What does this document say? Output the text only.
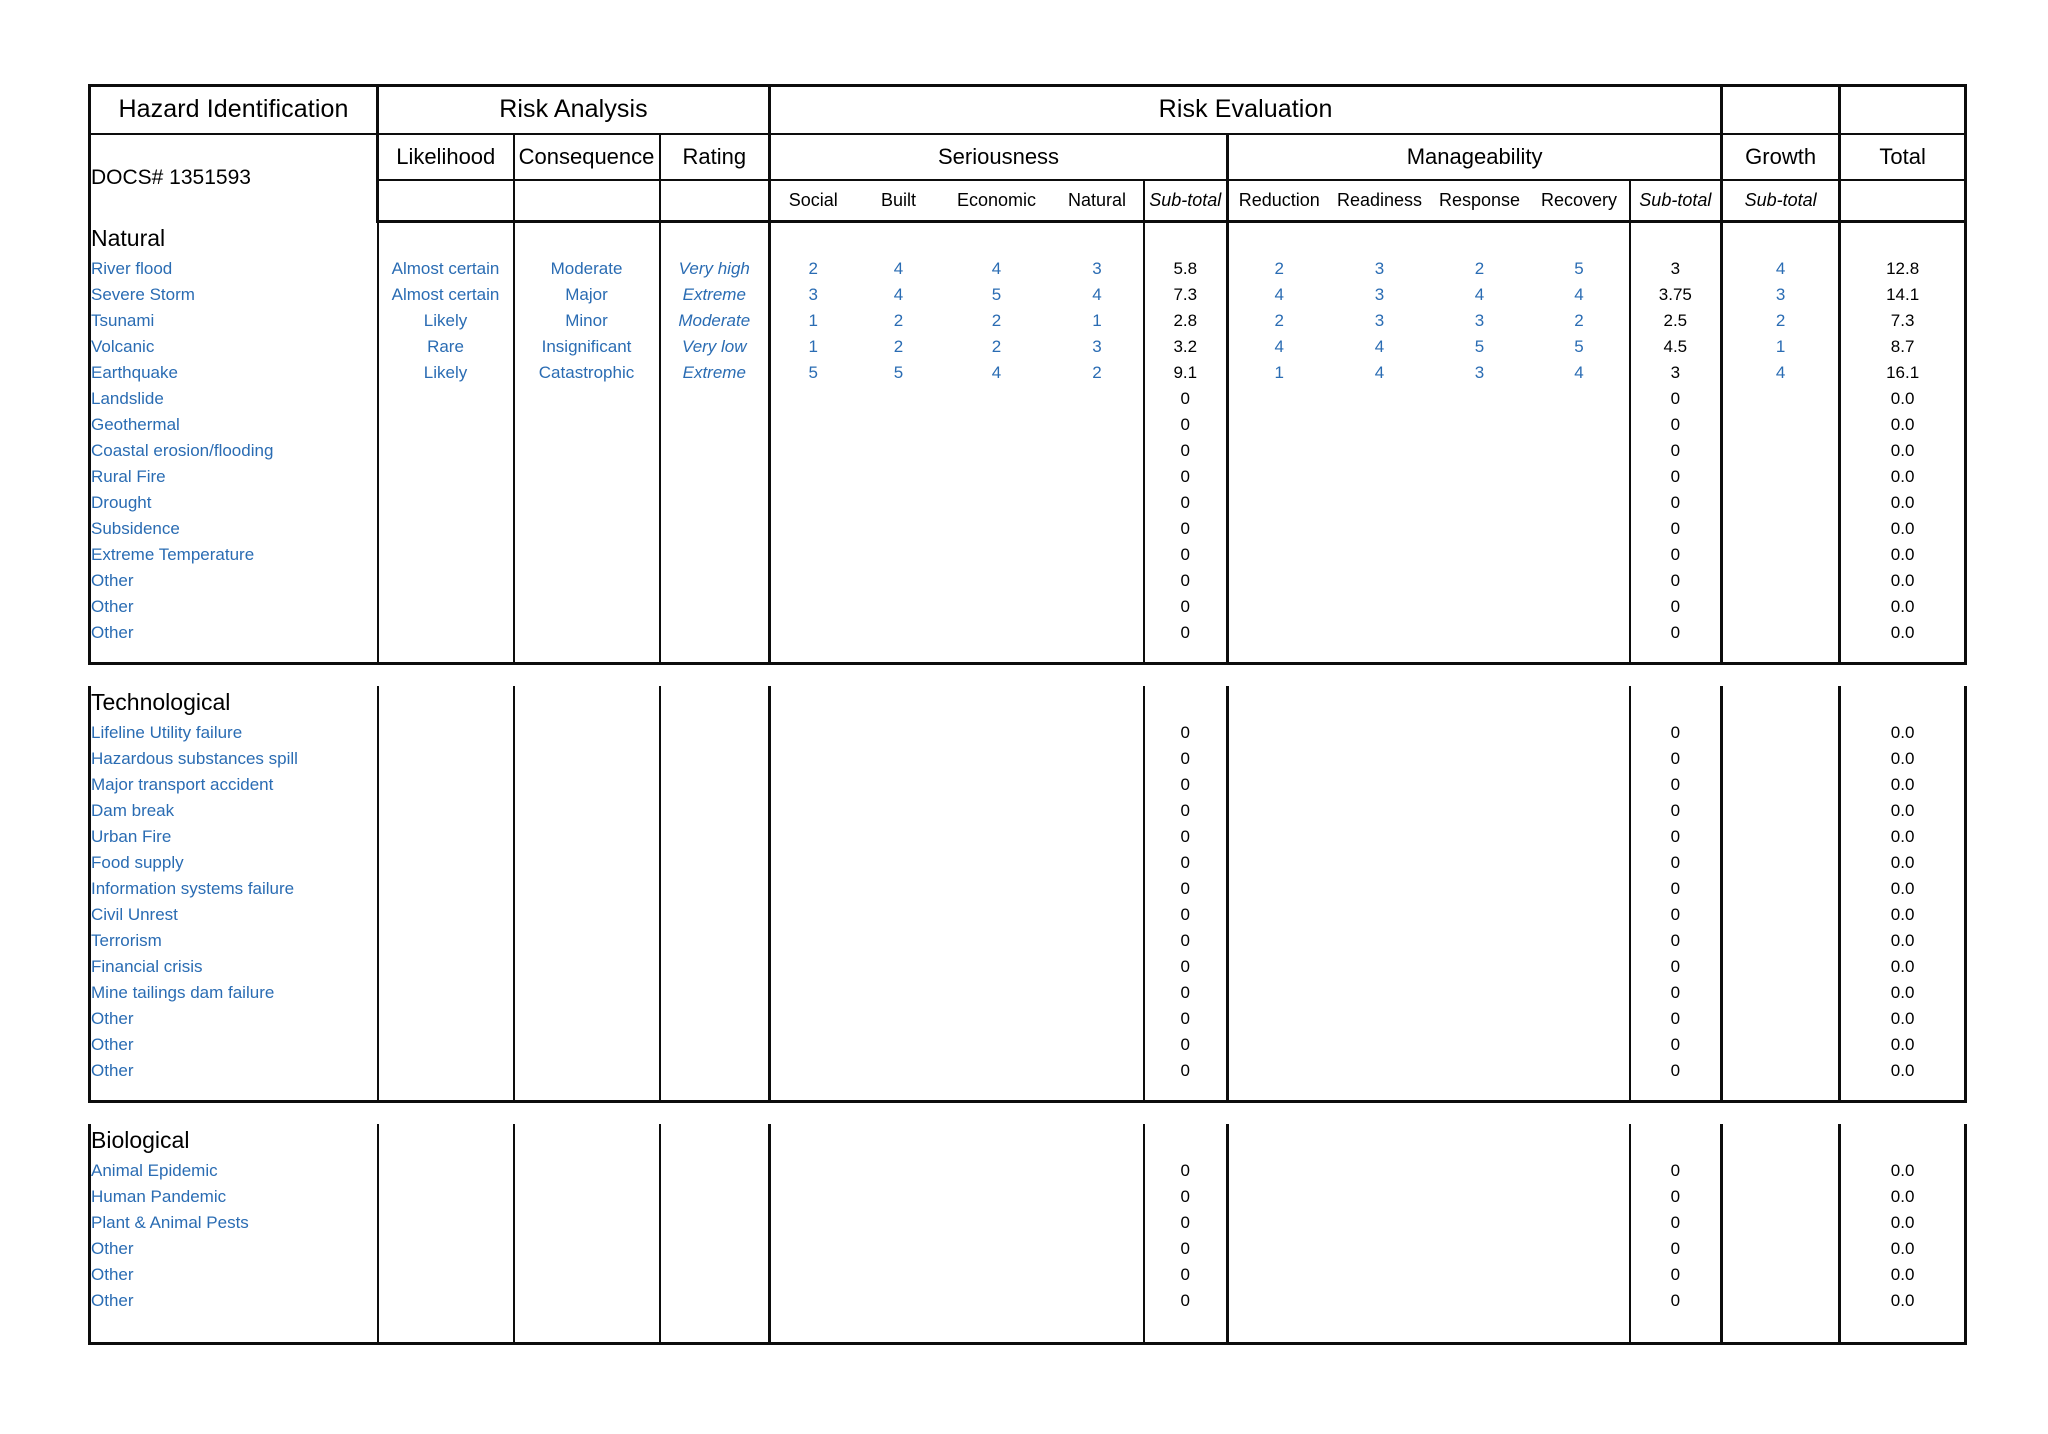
Hazard Identification	Risk Analysis			Risk Evaluation											
DOCS# 1351593	Likelihood	Consequence	Rating	Seriousness					Manageability					Growth	Total
				Social	Built	Economic	Natural	Sub-total	Reduction	Readiness	Response	Recovery	Sub-total	Sub-total	
Natural															
River flood	Almost certain	Moderate	Very high	2	4	4	3	5.8	2	3	2	5	3	4	12.8
Severe Storm	Almost certain	Major	Extreme	3	4	5	4	7.3	4	3	4	4	3.75	3	14.1
Tsunami	Likely	Minor	Moderate	1	2	2	1	2.8	2	3	3	2	2.5	2	7.3
Volcanic	Rare	Insignificant	Very low	1	2	2	3	3.2	4	4	5	5	4.5	1	8.7
Earthquake	Likely	Catastrophic	Extreme	5	5	4	2	9.1	1	4	3	4	3	4	16.1
Landslide								0					0		0.0
Geothermal								0					0		0.0
Coastal erosion/flooding								0					0		0.0
Rural Fire								0					0		0.0
Drought								0					0		0.0
Subsidence								0					0		0.0
Extreme Temperature								0					0		0.0
Other								0					0		0.0
Other								0					0		0.0
Other								0					0		0.0

Technological															
Lifeline Utility failure								0					0		0.0
Hazardous substances spill								0					0		0.0
Major transport accident								0					0		0.0
Dam break								0					0		0.0
Urban Fire								0					0		0.0
Food supply								0					0		0.0
Information systems failure								0					0		0.0
Civil Unrest								0					0		0.0
Terrorism								0					0		0.0
Financial crisis								0					0		0.0
Mine tailings dam failure								0					0		0.0
Other								0					0		0.0
Other								0					0		0.0
Other								0					0		0.0

Biological															
Animal Epidemic								0					0		0.0
Human Pandemic								0					0		0.0
Plant & Animal Pests								0					0		0.0
Other								0					0		0.0
Other								0					0		0.0
Other								0					0		0.0
